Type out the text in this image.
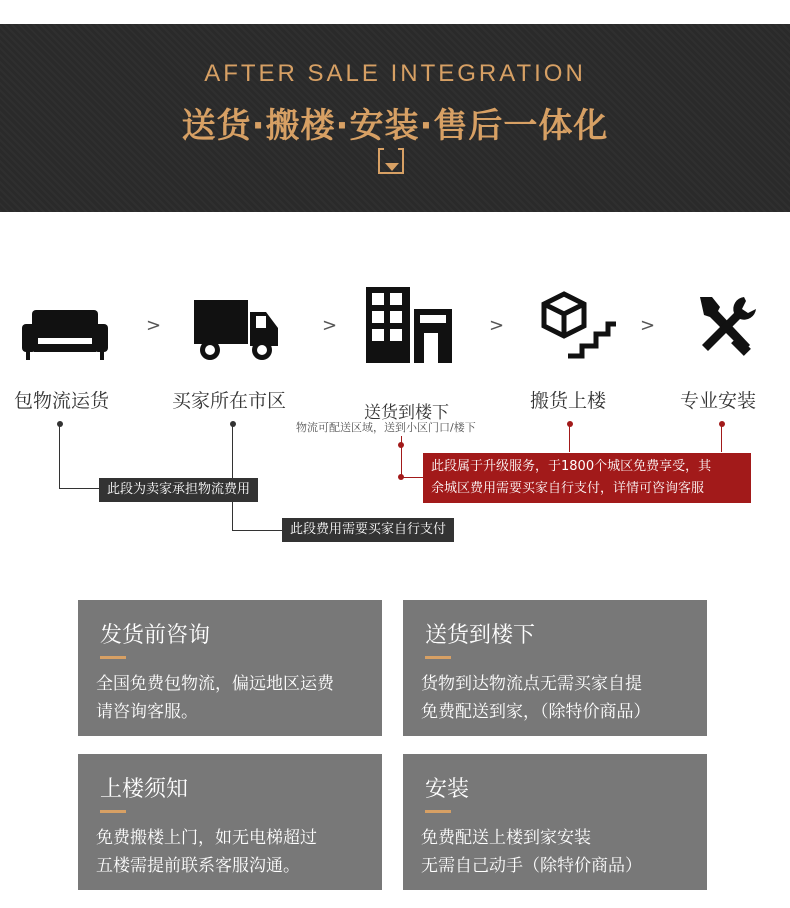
AFTER SALE INTEGRATION
送货·搬楼·安装·售后一体化
>	>	>	>
包物流运货	买家所在市区
送货到楼下
搬货上楼	专业安装
物流可配送区域，送到小区门口/楼下
此段为卖家承担物流费用
此段费用需要买家自行支付
此段属于升级服务，于1800个城区免费享受，其
余城区费用需要买家自行支付，详情可咨询客服
发货前咨询
全国免费包物流，偏远地区运费
请咨询客服。
送货到楼下
货物到达物流点无需买家自提
免费配送到家，（除特价商品）
上楼须知
免费搬楼上门，如无电梯超过
五楼需提前联系客服沟通。
安装
免费配送上楼到家安装
无需自己动手（除特价商品）
